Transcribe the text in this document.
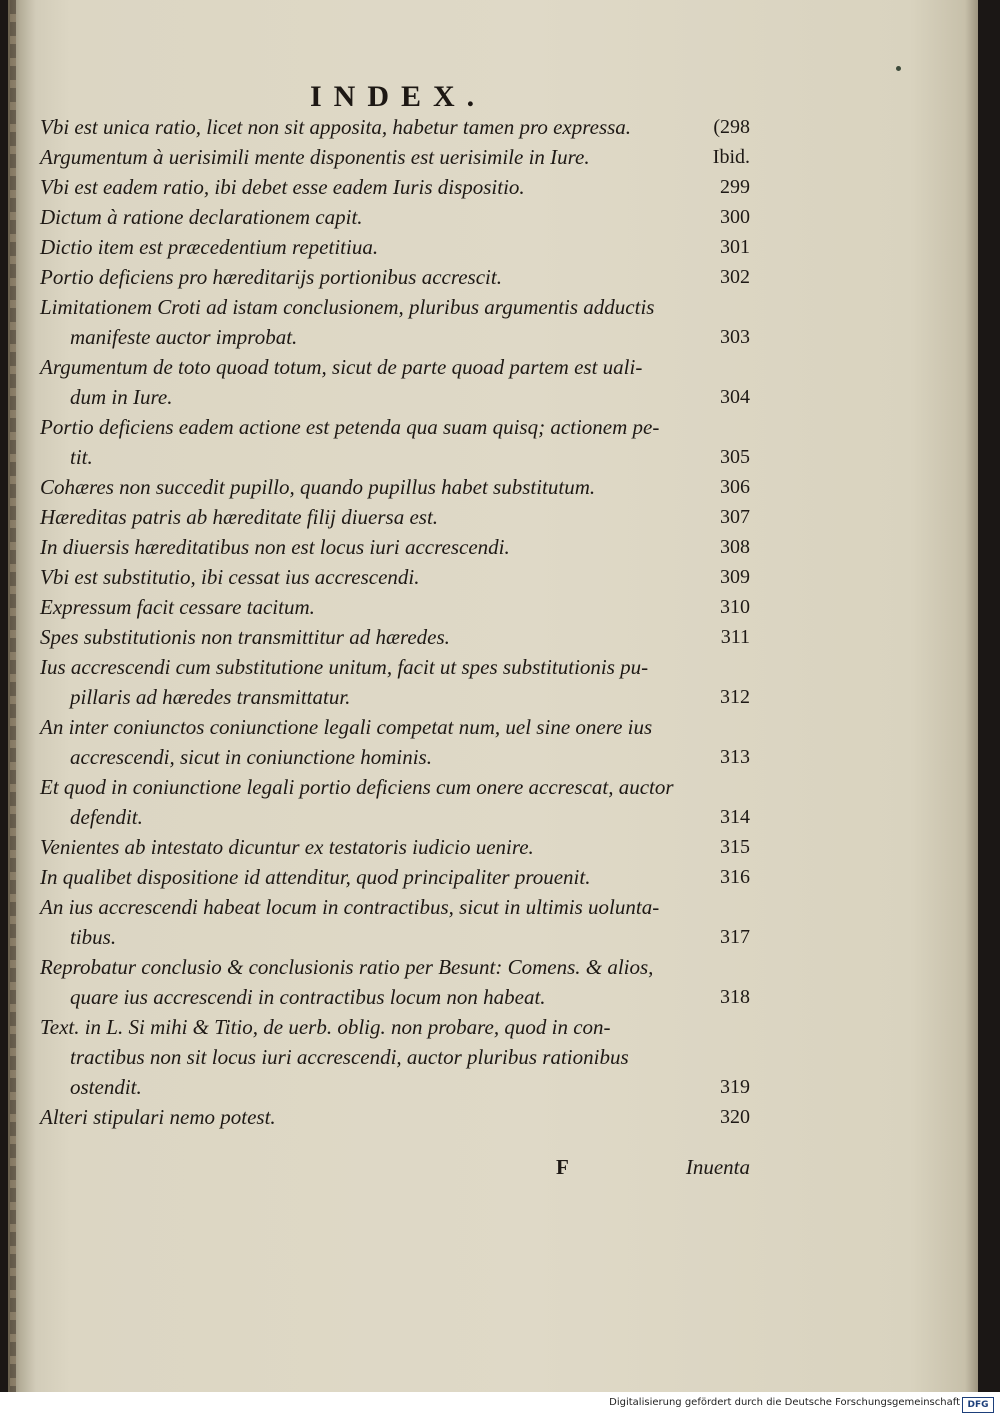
INDEX.
Vbi est unica ratio, licet non sit apposita, habetur tamen pro expressa.	(298
Argumentum à uerisimili mente disponentis est uerisimile in Iure.	Ibid.
Vbi est eadem ratio, ibi debet esse eadem Iuris dispositio.	299
Dictum à ratione declarationem capit.	300
Dictio item est præcedentium repetitiua.	301
Portio deficiens pro hæreditarijs portionibus accrescit.	302
Limitationem Croti ad istam conclusionem, pluribus argumentis adductis
manifeste auctor improbat.	303
Argumentum de toto quoad totum, sicut de parte quoad partem est uali-
dum in Iure.	304
Portio deficiens eadem actione est petenda qua suam quisq; actionem pe-
tit.	305
Cohæres non succedit pupillo, quando pupillus habet substitutum.	306
Hæreditas patris ab hæreditate filij diuersa est.	307
In diuersis hæreditatibus non est locus iuri accrescendi.	308
Vbi est substitutio, ibi cessat ius accrescendi.	309
Expressum facit cessare tacitum.	310
Spes substitutionis non transmittitur ad hæredes.	311
Ius accrescendi cum substitutione unitum, facit ut spes substitutionis pu-
pillaris ad hæredes transmittatur.	312
An inter coniunctos coniunctione legali competat num, uel sine onere ius
accrescendi, sicut in coniunctione hominis.	313
Et quod in coniunctione legali portio deficiens cum onere accrescat, auctor
defendit.	314
Venientes ab intestato dicuntur ex testatoris iudicio uenire.	315
In qualibet dispositione id attenditur, quod principaliter prouenit.	316
An ius accrescendi habeat locum in contractibus, sicut in ultimis uolunta-
tibus.	317
Reprobatur conclusio & conclusionis ratio per Besunt: Comens. & alios,
quare ius accrescendi in contractibus locum non habeat.	318
Text. in L. Si mihi & Titio, de uerb. oblig. non probare, quod in con-
tractibus non sit locus iuri accrescendi, auctor pluribus rationibus
ostendit.	319
Alteri stipulari nemo potest.	320
F	Inuenta
Digitalisierung gefördert durch die Deutsche Forschungsgemeinschaft DFG
